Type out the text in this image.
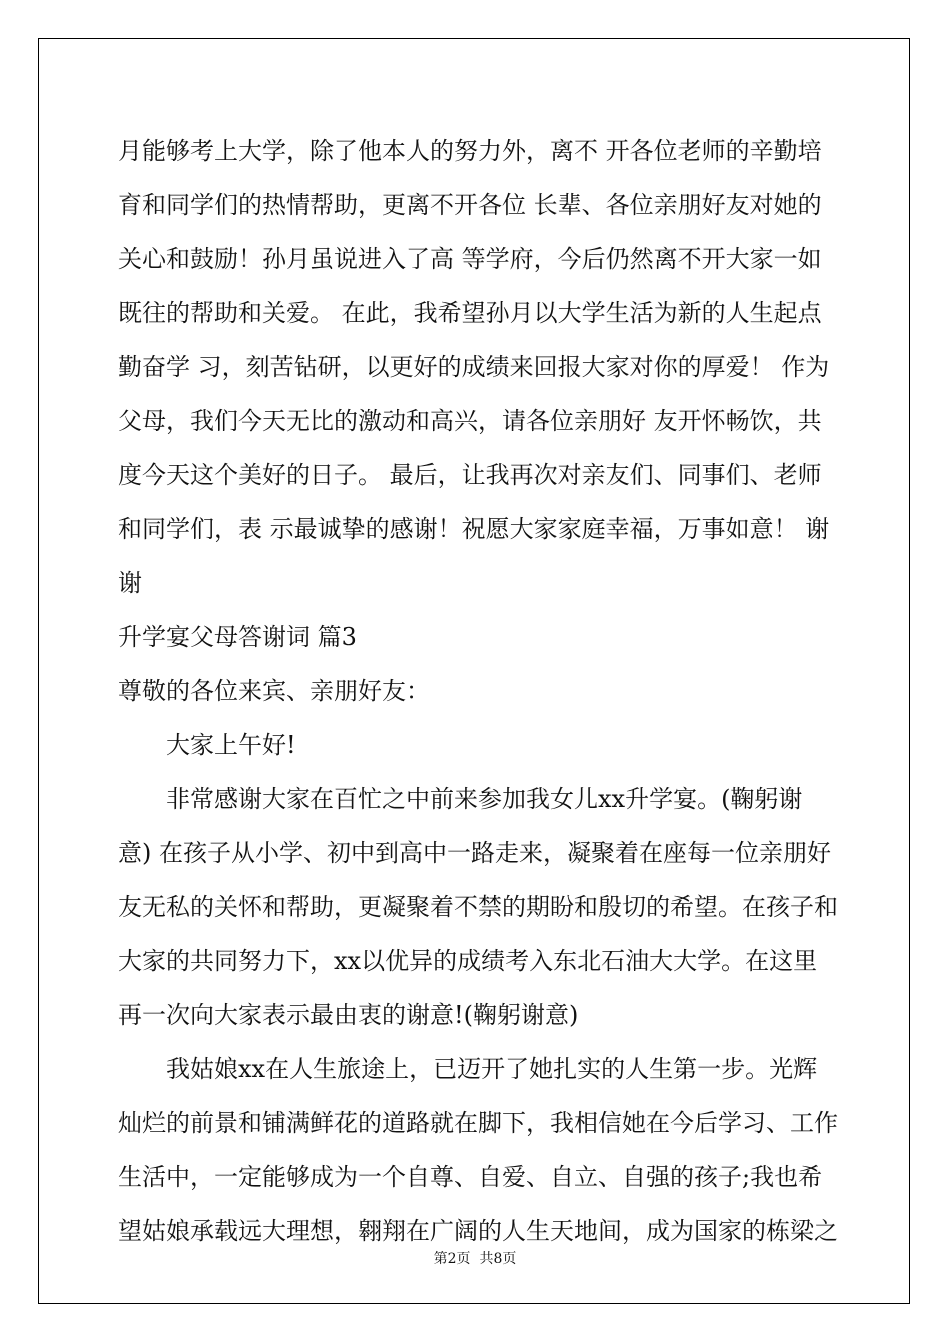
月能够考上大学，除了他本人的努力外，离不 开各位老师的辛勤培
育和同学们的热情帮助，更离不开各位 长辈、各位亲朋好友对她的
关心和鼓励！孙月虽说进入了高 等学府，今后仍然离不开大家一如
既往的帮助和关爱。 在此，我希望孙月以大学生活为新的人生起点
勤奋学 习，刻苦钻研，以更好的成绩来回报大家对你的厚爱！ 作为
父母，我们今天无比的激动和高兴，请各位亲朋好 友开怀畅饮，共
度今天这个美好的日子。 最后，让我再次对亲友们、同事们、老师
和同学们，表 示最诚挚的感谢！祝愿大家家庭幸福，万事如意！ 谢
谢
升学宴父母答谢词 篇3
尊敬的各位来宾、亲朋好友：
大家上午好!
非常感谢大家在百忙之中前来参加我女儿xx升学宴。(鞠躬谢
意) 在孩子从小学、初中到高中一路走来，凝聚着在座每一位亲朋好
友无私的关怀和帮助，更凝聚着不禁的期盼和殷切的希望。在孩子和
大家的共同努力下，xx以优异的成绩考入东北石油大大学。在这里
再一次向大家表示最由衷的谢意!(鞠躬谢意)
我姑娘xx在人生旅途上，已迈开了她扎实的人生第一步。光辉
灿烂的前景和铺满鲜花的道路就在脚下，我相信她在今后学习、工作
生活中，一定能够成为一个自尊、自爱、自立、自强的孩子;我也希
望姑娘承载远大理想，翱翔在广阔的人生天地间，成为国家的栋梁之
第2页  共8页
